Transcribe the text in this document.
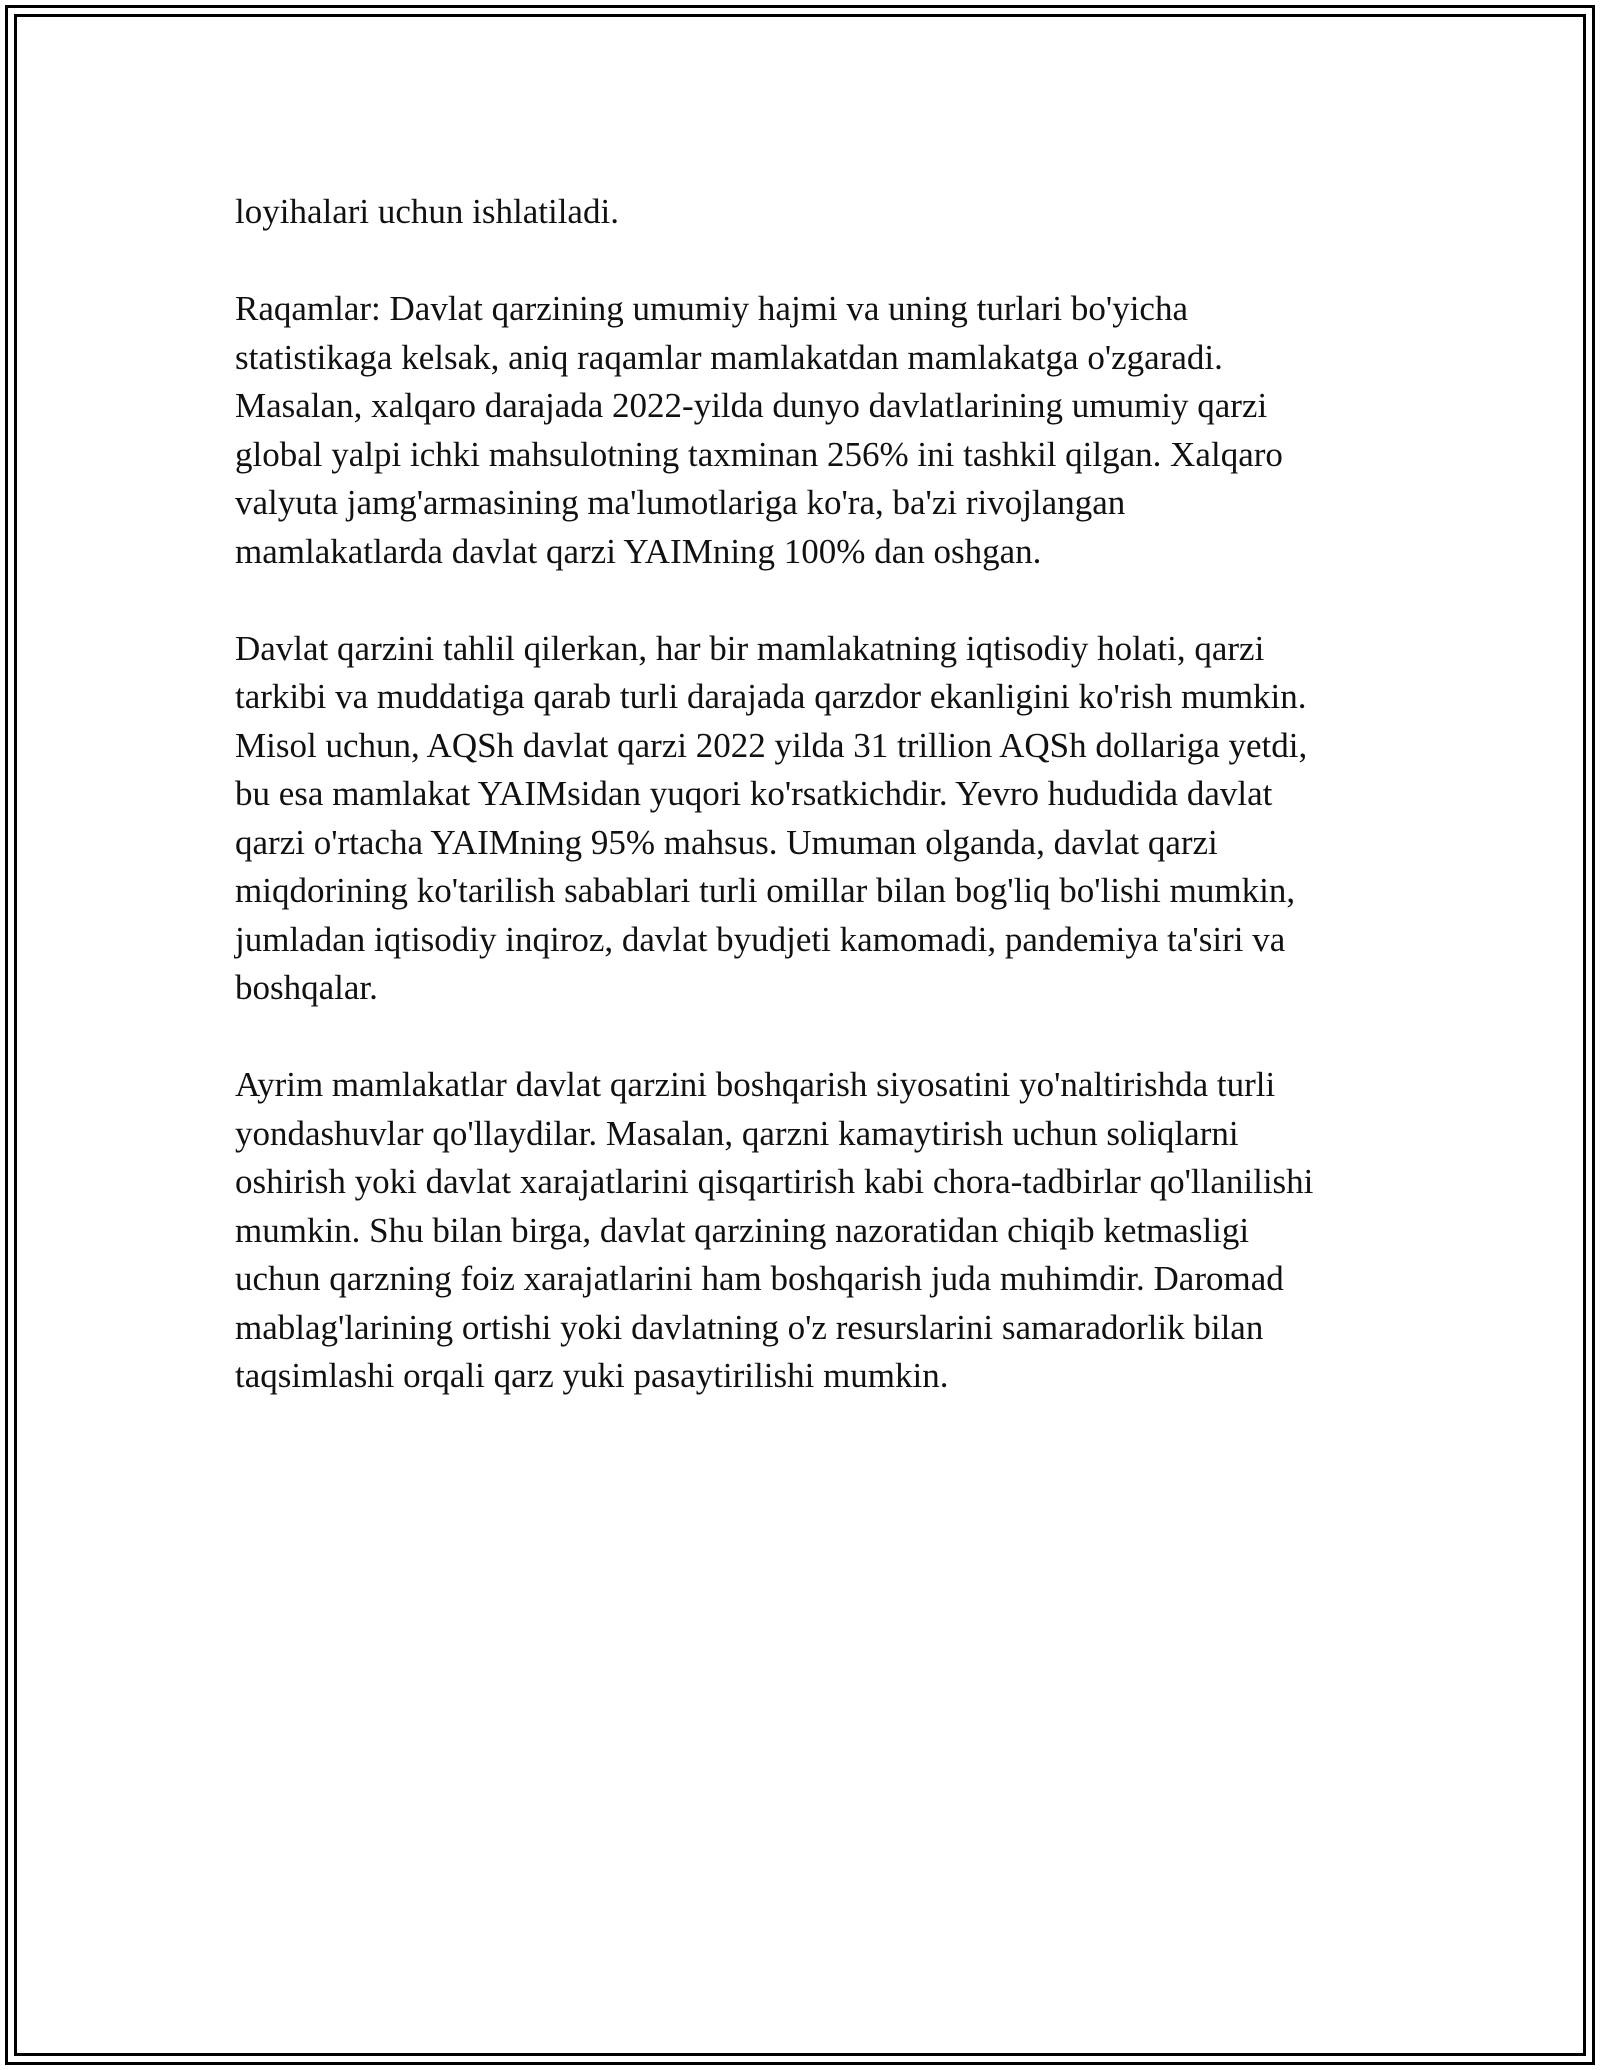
loyihalari uchun ishlatiladi.
Raqamlar: Davlat qarzining umumiy hajmi va uning turlari bo'yicha
statistikaga kelsak, aniq raqamlar mamlakatdan mamlakatga o'zgaradi.
Masalan, xalqaro darajada 2022-yilda dunyo davlatlarining umumiy qarzi
global yalpi ichki mahsulotning taxminan 256% ini tashkil qilgan. Xalqaro
valyuta jamg'armasining ma'lumotlariga ko'ra, ba'zi rivojlangan
mamlakatlarda davlat qarzi YAIMning 100% dan oshgan.
Davlat qarzini tahlil qilerkan, har bir mamlakatning iqtisodiy holati, qarzi
tarkibi va muddatiga qarab turli darajada qarzdor ekanligini ko'rish mumkin.
Misol uchun, AQSh davlat qarzi 2022 yilda 31 trillion AQSh dollariga yetdi,
bu esa mamlakat YAIMsidan yuqori ko'rsatkichdir. Yevro hududida davlat
qarzi o'rtacha YAIMning 95% mahsus. Umuman olganda, davlat qarzi
miqdorining ko'tarilish sabablari turli omillar bilan bog'liq bo'lishi mumkin,
jumladan iqtisodiy inqiroz, davlat byudjeti kamomadi, pandemiya ta'siri va
boshqalar.
Ayrim mamlakatlar davlat qarzini boshqarish siyosatini yo'naltirishda turli
yondashuvlar qo'llaydilar. Masalan, qarzni kamaytirish uchun soliqlarni
oshirish yoki davlat xarajatlarini qisqartirish kabi chora-tadbirlar qo'llanilishi
mumkin. Shu bilan birga, davlat qarzining nazoratidan chiqib ketmasligi
uchun qarzning foiz xarajatlarini ham boshqarish juda muhimdir. Daromad
mablag'larining ortishi yoki davlatning o'z resurslarini samaradorlik bilan
taqsimlashi orqali qarz yuki pasaytirilishi mumkin.
